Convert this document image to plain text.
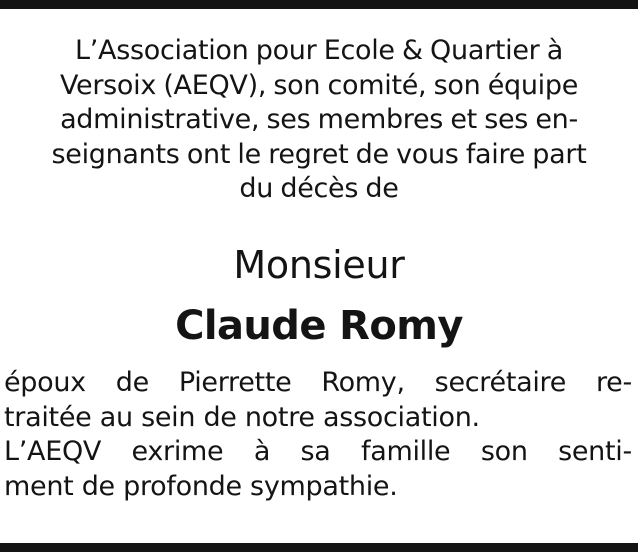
L’Association pour Ecole & Quartier à
Versoix (AEQV), son comité, son équipe
administrative, ses membres et ses en-
seignants ont le regret de vous faire part
du décès de
Monsieur
Claude Romy
époux de Pierrette Romy, secrétaire re-
traitée au sein de notre association.
L’AEQV exrime à sa famille son senti-
ment de profonde sympathie.
